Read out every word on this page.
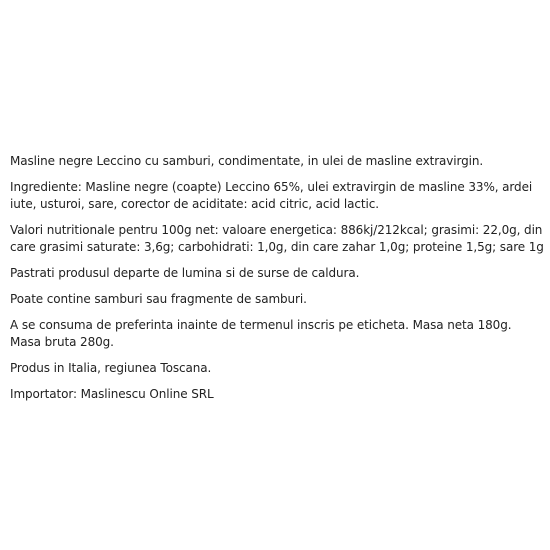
Masline negre Leccino cu samburi, condimentate, in ulei de masline extravirgin.

Ingrediente: Masline negre (coapte) Leccino 65%, ulei extravirgin de masline 33%, ardei iute, usturoi, sare, corector de aciditate: acid citric, acid lactic.

Valori nutritionale pentru 100g net: valoare energetica: 886kj/212kcal; grasimi: 22,0g, din care grasimi saturate: 3,6g; carbohidrati: 1,0g, din care zahar 1,0g; proteine 1,5g; sare 1g

Pastrati produsul departe de lumina si de surse de caldura.

Poate contine samburi sau fragmente de samburi.

A se consuma de preferinta inainte de termenul inscris pe eticheta. Masa neta 180g. Masa bruta 280g.

Produs in Italia, regiunea Toscana.

Importator: Maslinescu Online SRL
